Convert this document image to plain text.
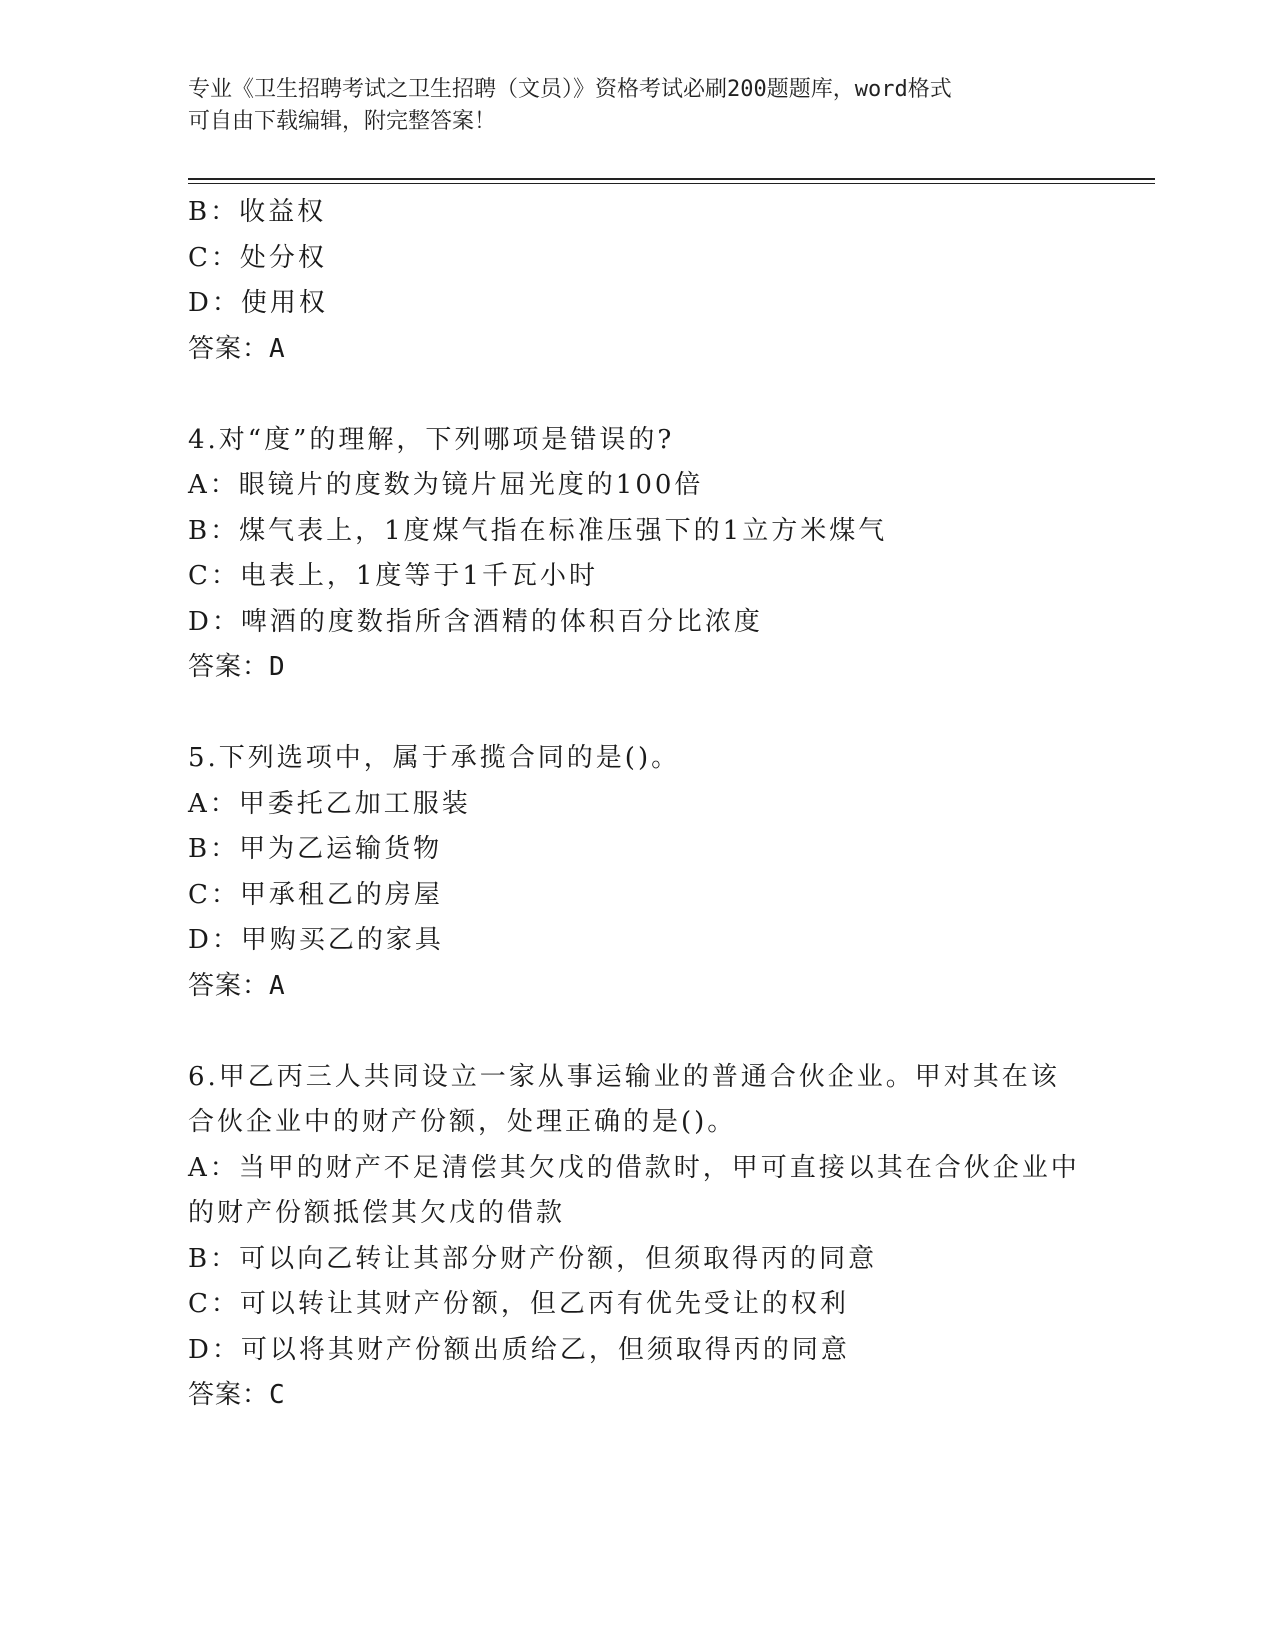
专业《卫生招聘考试之卫生招聘（文员）》资格考试必刷200题题库，word格式

可自由下载编辑，附完整答案！

B：收益权

C：处分权

D：使用权

答案：A

4.对“度”的理解，下列哪项是错误的?

A：眼镜片的度数为镜片屈光度的100倍

B：煤气表上，1度煤气指在标准压强下的1立方米煤气

C：电表上，1度等于1千瓦小时

D：啤酒的度数指所含酒精的体积百分比浓度

答案：D

5.下列选项中，属于承揽合同的是()。

A：甲委托乙加工服装

B：甲为乙运输货物

C：甲承租乙的房屋

D：甲购买乙的家具

答案：A

6.甲乙丙三人共同设立一家从事运输业的普通合伙企业。甲对其在该

合伙企业中的财产份额，处理正确的是()。

A：当甲的财产不足清偿其欠戊的借款时，甲可直接以其在合伙企业中

的财产份额抵偿其欠戊的借款

B：可以向乙转让其部分财产份额，但须取得丙的同意

C：可以转让其财产份额，但乙丙有优先受让的权利

D：可以将其财产份额出质给乙，但须取得丙的同意

答案：C
